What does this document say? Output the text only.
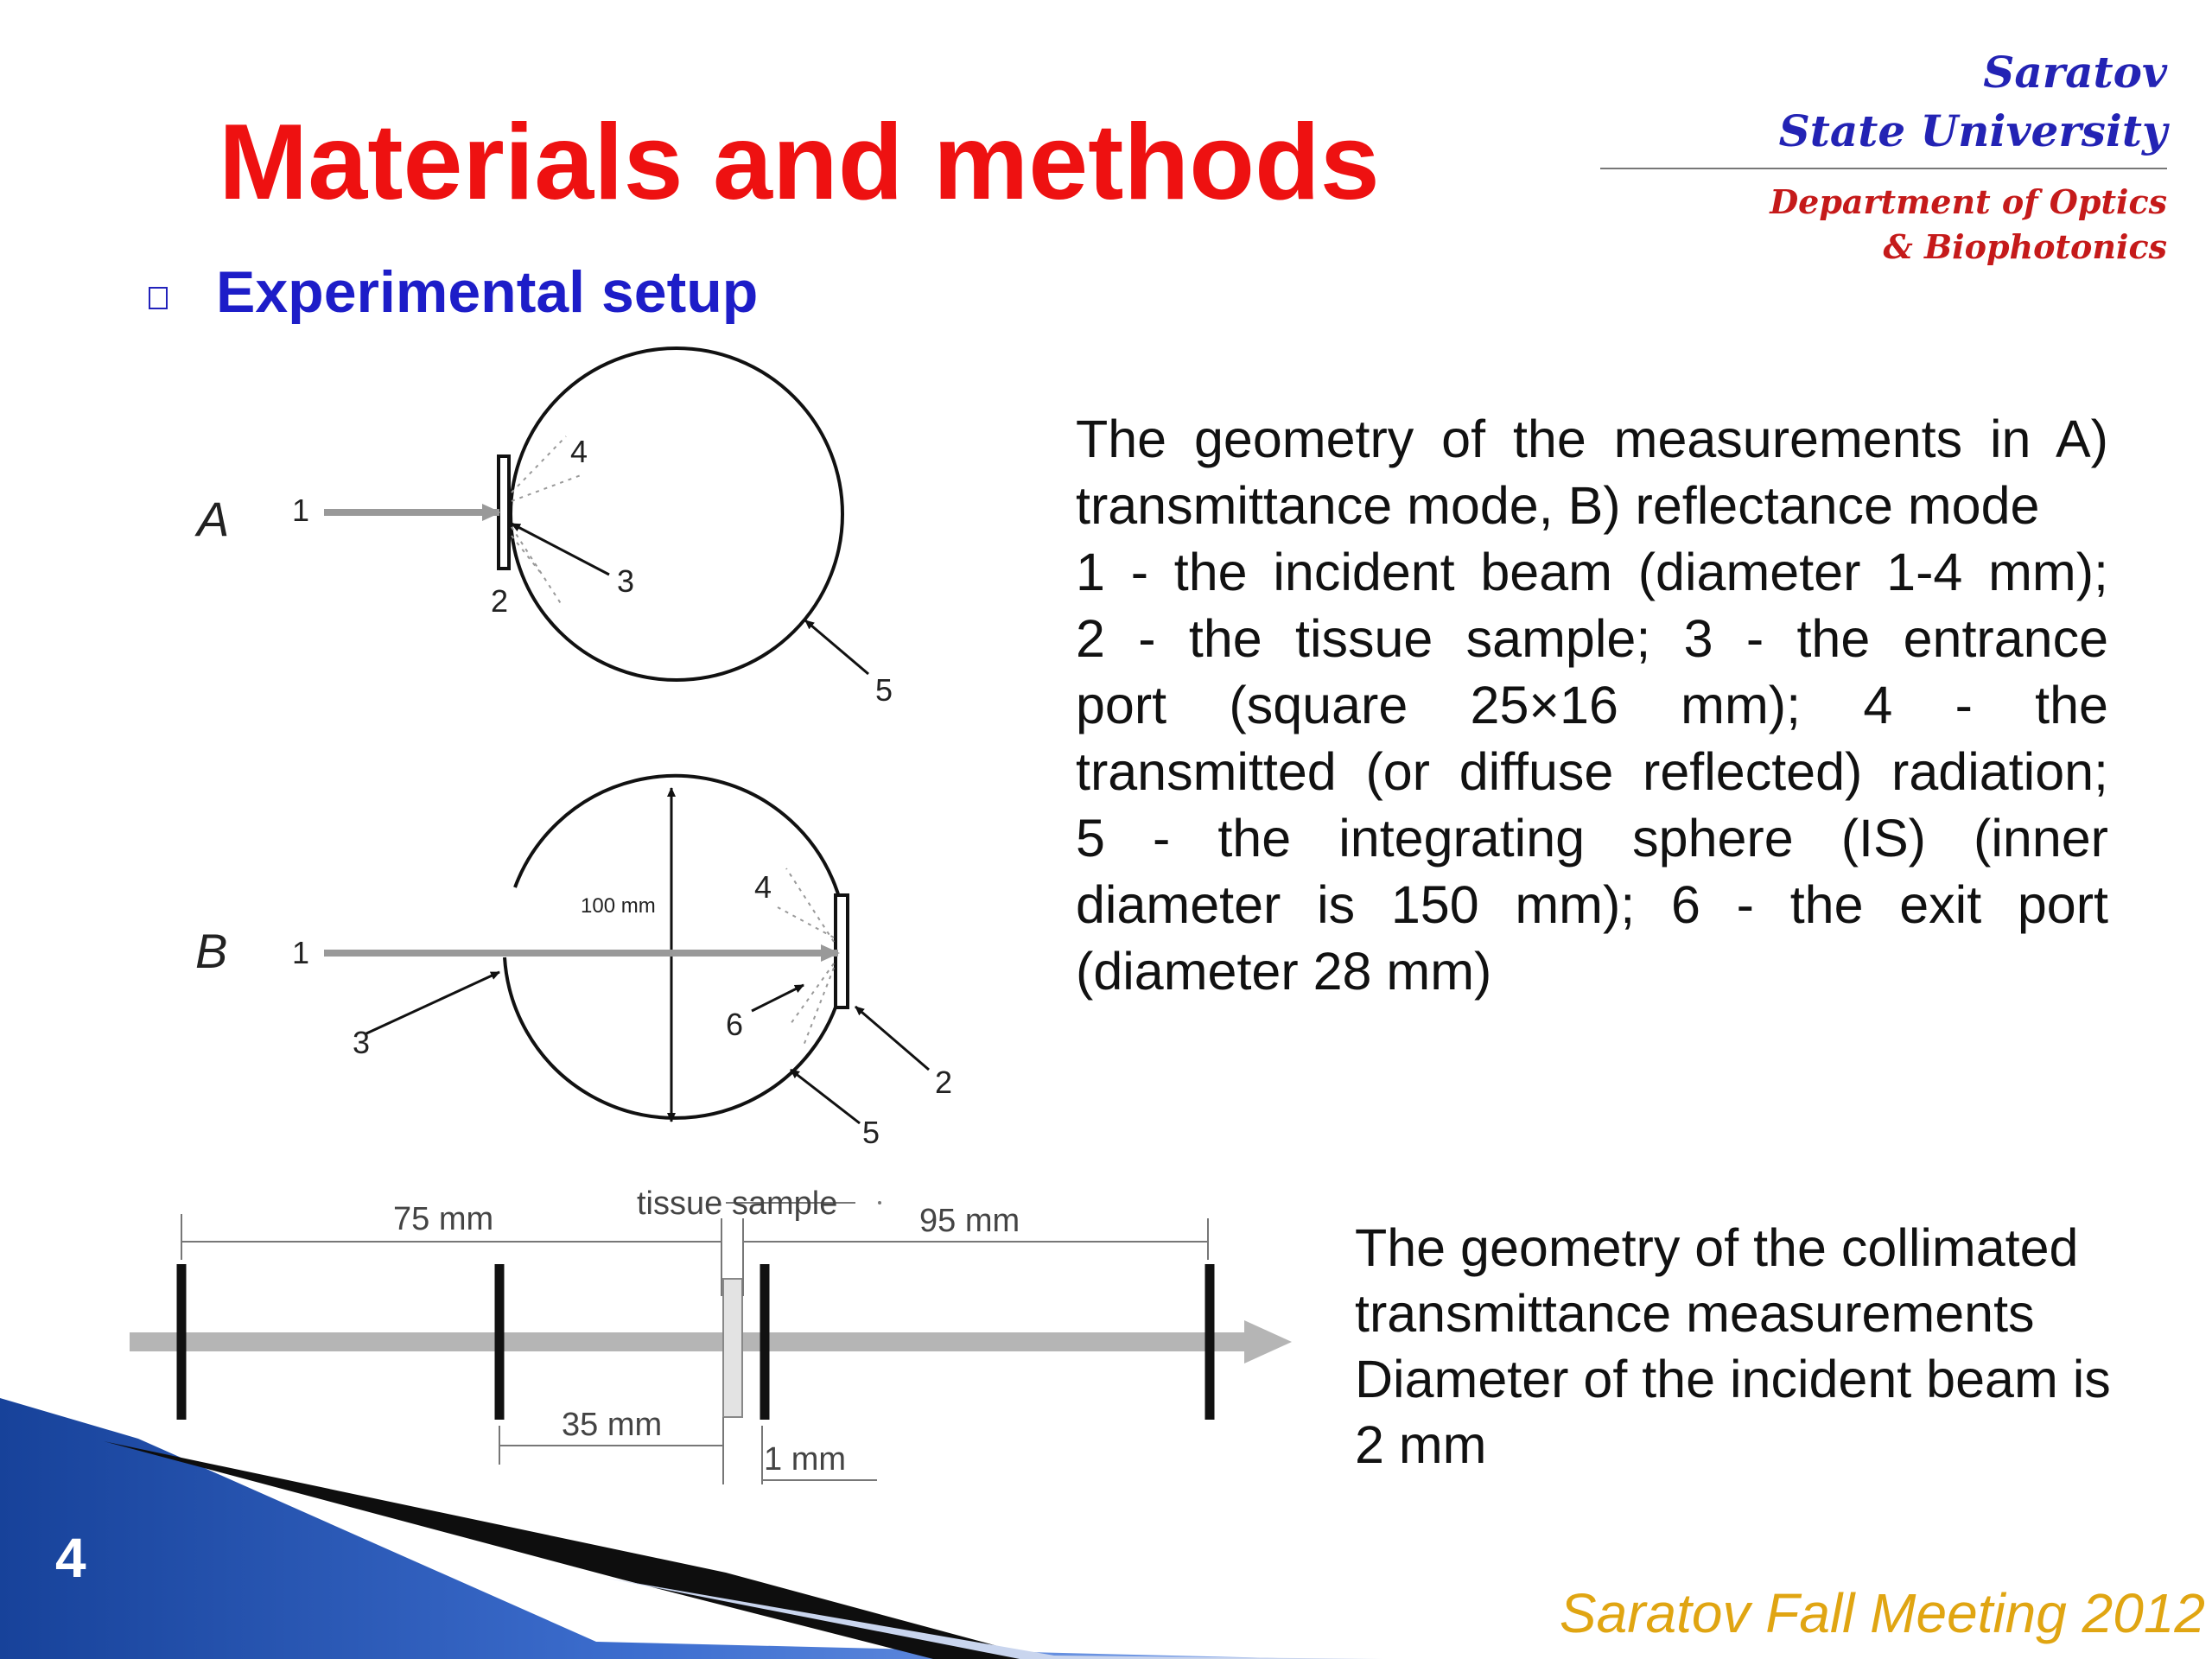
Materials and methods
Saratov
State University
Department of Optics
& Biophotonics
Experimental setup
A 1
4
3
2
5
B 1
100 mm
4
3
6
2
5
75 mm	tissue sample 95 mm
35 mm
1 mm
The geometry of the measurements in A)
transmittance mode, B) reflectance mode
1 - the incident beam (diameter 1-4 mm);
2 - the tissue sample; 3 - the entrance
port (square 25×16 mm); 4 - the
transmitted (or diffuse reflected) radiation;
5 - the integrating sphere (IS) (inner
diameter is 150 mm); 6 - the exit port
(diameter 28 mm)
The geometry of the collimated
transmittance measurements
Diameter of the incident beam is
2 mm
4
Saratov Fall Meeting 2012
